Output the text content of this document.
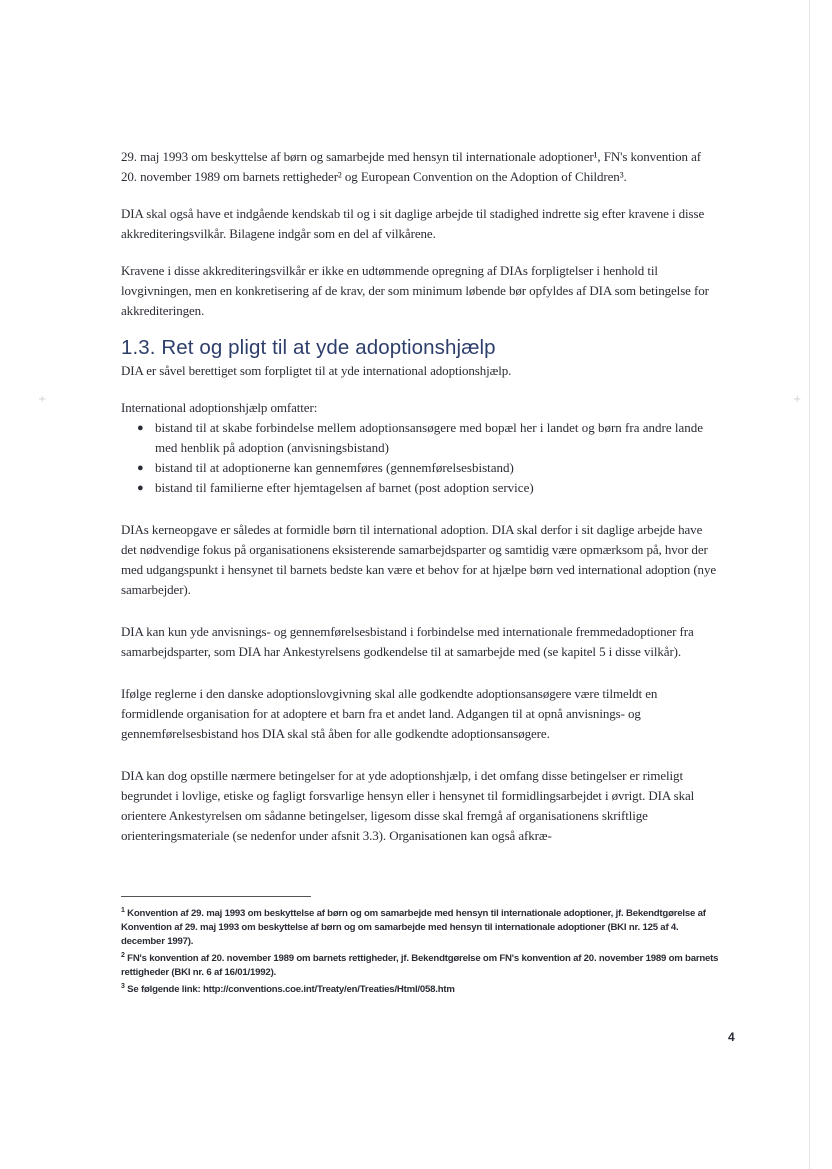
+	+

29. maj 1993 om beskyttelse af børn og samarbejde med hensyn til internationale adoptioner¹, FN's konvention af 20. november 1989 om barnets rettigheder² og European Convention on the Adoption of Children³.

DIA skal også have et indgående kendskab til og i sit daglige arbejde til stadighed indrette sig efter kravene i disse akkrediteringsvilkår. Bilagene indgår som en del af vilkårene.

Kravene i disse akkrediteringsvilkår er ikke en udtømmende opregning af DIAs forpligtelser i henhold til lovgivningen, men en konkretisering af de krav, der som minimum løbende bør opfyldes af DIA som betingelse for akkrediteringen.

1.3. Ret og pligt til at yde adoptionshjælp

DIA er såvel berettiget som forpligtet til at yde international adoptionshjælp.

International adoptionshjælp omfatter:

● bistand til at skabe forbindelse mellem adoptionsansøgere med bopæl her i landet og børn fra andre lande med henblik på adoption (anvisningsbistand)
● bistand til at adoptionerne kan gennemføres (gennemførelsesbistand)
● bistand til familierne efter hjemtagelsen af barnet (post adoption service)

DIAs kerneopgave er således at formidle børn til international adoption. DIA skal derfor i sit daglige arbejde have det nødvendige fokus på organisationens eksisterende samarbejdsparter og samtidig være opmærksom på, hvor der med udgangspunkt i hensynet til barnets bedste kan være et behov for at hjælpe børn ved international adoption (nye samarbejder).

DIA kan kun yde anvisnings- og gennemførelsesbistand i forbindelse med internationale fremmedadoptioner fra samarbejdsparter, som DIA har Ankestyrelsens godkendelse til at samarbejde med (se kapitel 5 i disse vilkår).

Ifølge reglerne i den danske adoptionslovgivning skal alle godkendte adoptionsansøgere være tilmeldt en formidlende organisation for at adoptere et barn fra et andet land. Adgangen til at opnå anvisnings- og gennemførelsesbistand hos DIA skal stå åben for alle godkendte adoptionsansøgere.

DIA kan dog opstille nærmere betingelser for at yde adoptionshjælp, i det omfang disse betingelser er rimeligt begrundet i lovlige, etiske og fagligt forsvarlige hensyn eller i hensynet til formidlingsarbejdet i øvrigt. DIA skal orientere Ankestyrelsen om sådanne betingelser, ligesom disse skal fremgå af organisationens skriftlige orienteringsmateriale (se nedenfor under afsnit 3.3). Organisationen kan også afkræ-

$^1$ Konvention af 29. maj 1993 om beskyttelse af børn og om samarbejde med hensyn til internationale adoptioner, jf. Bekendtgørelse af Konvention af 29. maj 1993 om beskyttelse af børn og om samarbejde med hensyn til internationale adoptioner (BKI nr. 125 af 4. december 1997).

$^2$ FN's konvention af 20. november 1989 om barnets rettigheder, jf. Bekendtgørelse om FN's konvention af 20. november 1989 om barnets rettigheder (BKI nr. 6 af 16/01/1992).

$^3$ Se følgende link: http://conventions.coe.int/Treaty/en/Treaties/Html/058.htm

4
